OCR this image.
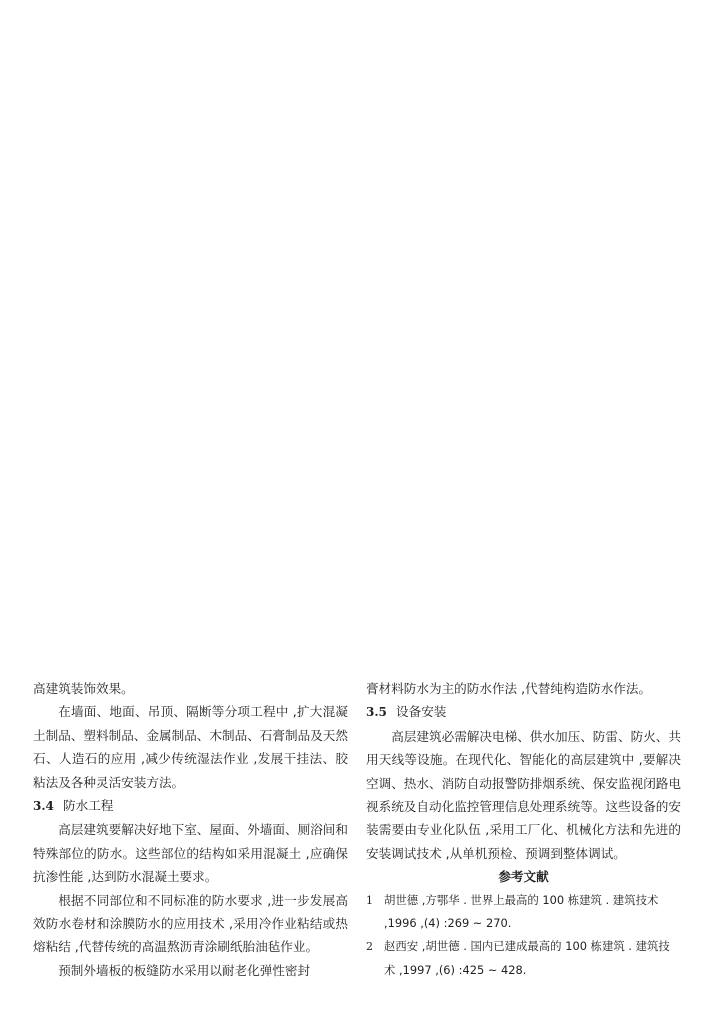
高建筑装饰效果。

在墙面、地面、吊顶、隔断等分项工程中 ,扩大混凝土制品、塑料制品、金属制品、木制品、石膏制品及天然石、人造石的应用 ,减少传统湿法作业 ,发展干挂法、胶粘法及各种灵活安装方法。

3.4 防水工程

高层建筑要解决好地下室、屋面、外墙面、厕浴间和特殊部位的防水。这些部位的结构如采用混凝土 ,应确保抗渗性能 ,达到防水混凝土要求。

根据不同部位和不同标准的防水要求 ,进一步发展高效防水卷材和涂膜防水的应用技术 ,采用冷作业粘结或热熔粘结 ,代替传统的高温熬沥青涂刷纸胎油毡作业。

预制外墙板的板缝防水采用以耐老化弹性密封

膏材料防水为主的防水作法 ,代替纯构造防水作法。

3.5 设备安装

高层建筑必需解决电梯、供水加压、防雷、防火、共用天线等设施。在现代化、智能化的高层建筑中 ,要解决空调、热水、消防自动报警防排烟系统、保安监视闭路电视系统及自动化监控管理信息处理系统等。这些设备的安装需要由专业化队伍 ,采用工厂化、机械化方法和先进的安装调试技术 ,从单机预检、预调到整体调试。

参考文献

1 胡世德 ,方鄂华 . 世界上最高的 100 栋建筑 . 建筑技术 ,1996 ,(4) :269 ~ 270.
2 赵西安 ,胡世德 . 国内已建成最高的 100 栋建筑 . 建筑技术 ,1997 ,(6) :425 ~ 428.
